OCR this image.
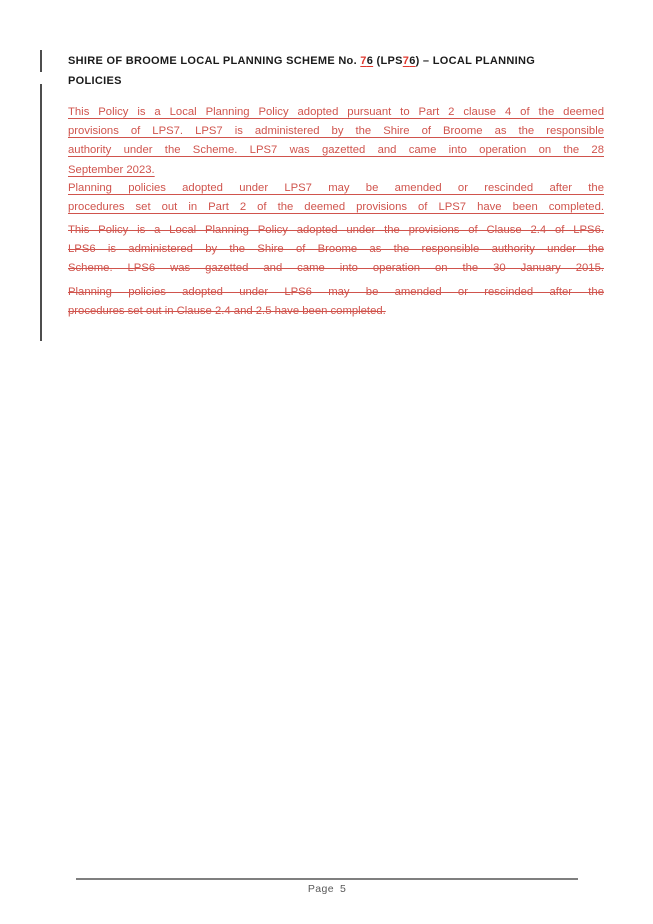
SHIRE OF BROOME LOCAL PLANNING SCHEME No. 76 (LPS76) – LOCAL PLANNING
POLICIES
This Policy is a Local Planning Policy adopted pursuant to Part 2 clause 4 of the deemed
provisions of LPS7. LPS7 is administered by the Shire of Broome as the responsible
authority under the Scheme. LPS7 was gazetted and came into operation on the 28
September 2023.
Planning policies adopted under LPS7 may be amended or rescinded after the
procedures set out in Part 2 of the deemed provisions of LPS7 have been completed.
This Policy is a Local Planning Policy adopted under the provisions of Clause 2.4 of LPS6.
LPS6 is administered by the Shire of Broome as the responsible authority under the
Scheme. LPS6 was gazetted and came into operation on the 30 January 2015.
Planning policies adopted under LPS6 may be amended or rescinded after the
procedures set out in Clause 2.4 and 2.5 have been completed.
Page 5
